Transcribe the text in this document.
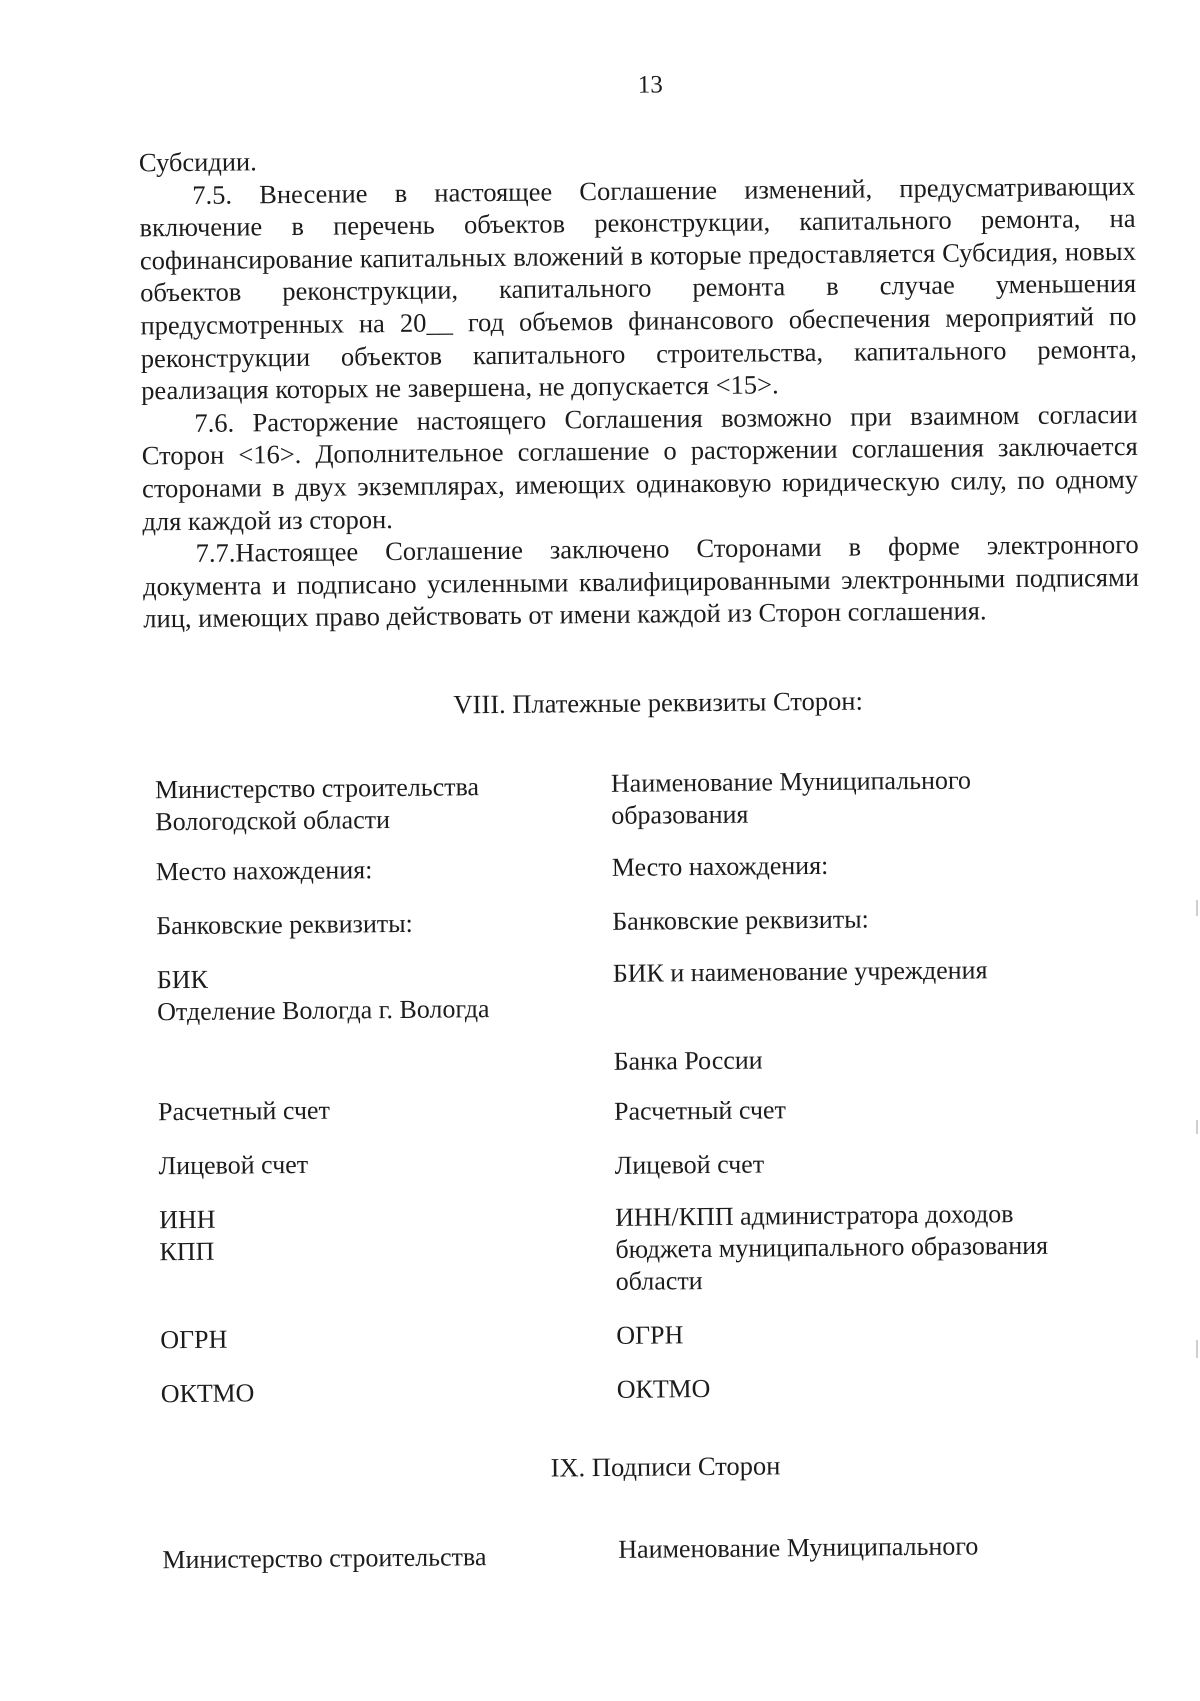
13

Субсидии.

7.5. Внесение в настоящее Соглашение изменений, предусматривающих включение в перечень объектов реконструкции, капитального ремонта, на софинансирование капитальных вложений в которые предоставляется Субсидия, новых объектов реконструкции, капитального ремонта в случае уменьшения предусмотренных на 20__ год объемов финансового обеспечения мероприятий по реконструкции объектов капитального строительства, капитального ремонта, реализация которых не завершена, не допускается <15>.

7.6. Расторжение настоящего Соглашения возможно при взаимном согласии Сторон <16>. Дополнительное соглашение о расторжении соглашения заключается сторонами в двух экземплярах, имеющих одинаковую юридическую силу, по одному для каждой из сторон.

7.7.Настоящее Соглашение заключено Сторонами в форме электронного документа и подписано усиленными квалифицированными электронными подписями лиц, имеющих право действовать от имени каждой из Сторон соглашения.

VIII. Платежные реквизиты Сторон:
Министерство строительства
Вологодской области
Место нахождения:
Банковские реквизиты:
БИК
Отделение Вологда г. Вологда
Расчетный счет
Лицевой счет
ИНН
КПП
ОГРН
ОКТМО
Наименование Муниципального
образования
Место нахождения:
Банковские реквизиты:
БИК и наименование учреждения
Банка России
Расчетный счет
Лицевой счет
ИНН/КПП администратора доходов
бюджета муниципального образования
области
ОГРН
ОКТМО
IX. Подписи Сторон
Министерство строительства	Наименование Муниципального
